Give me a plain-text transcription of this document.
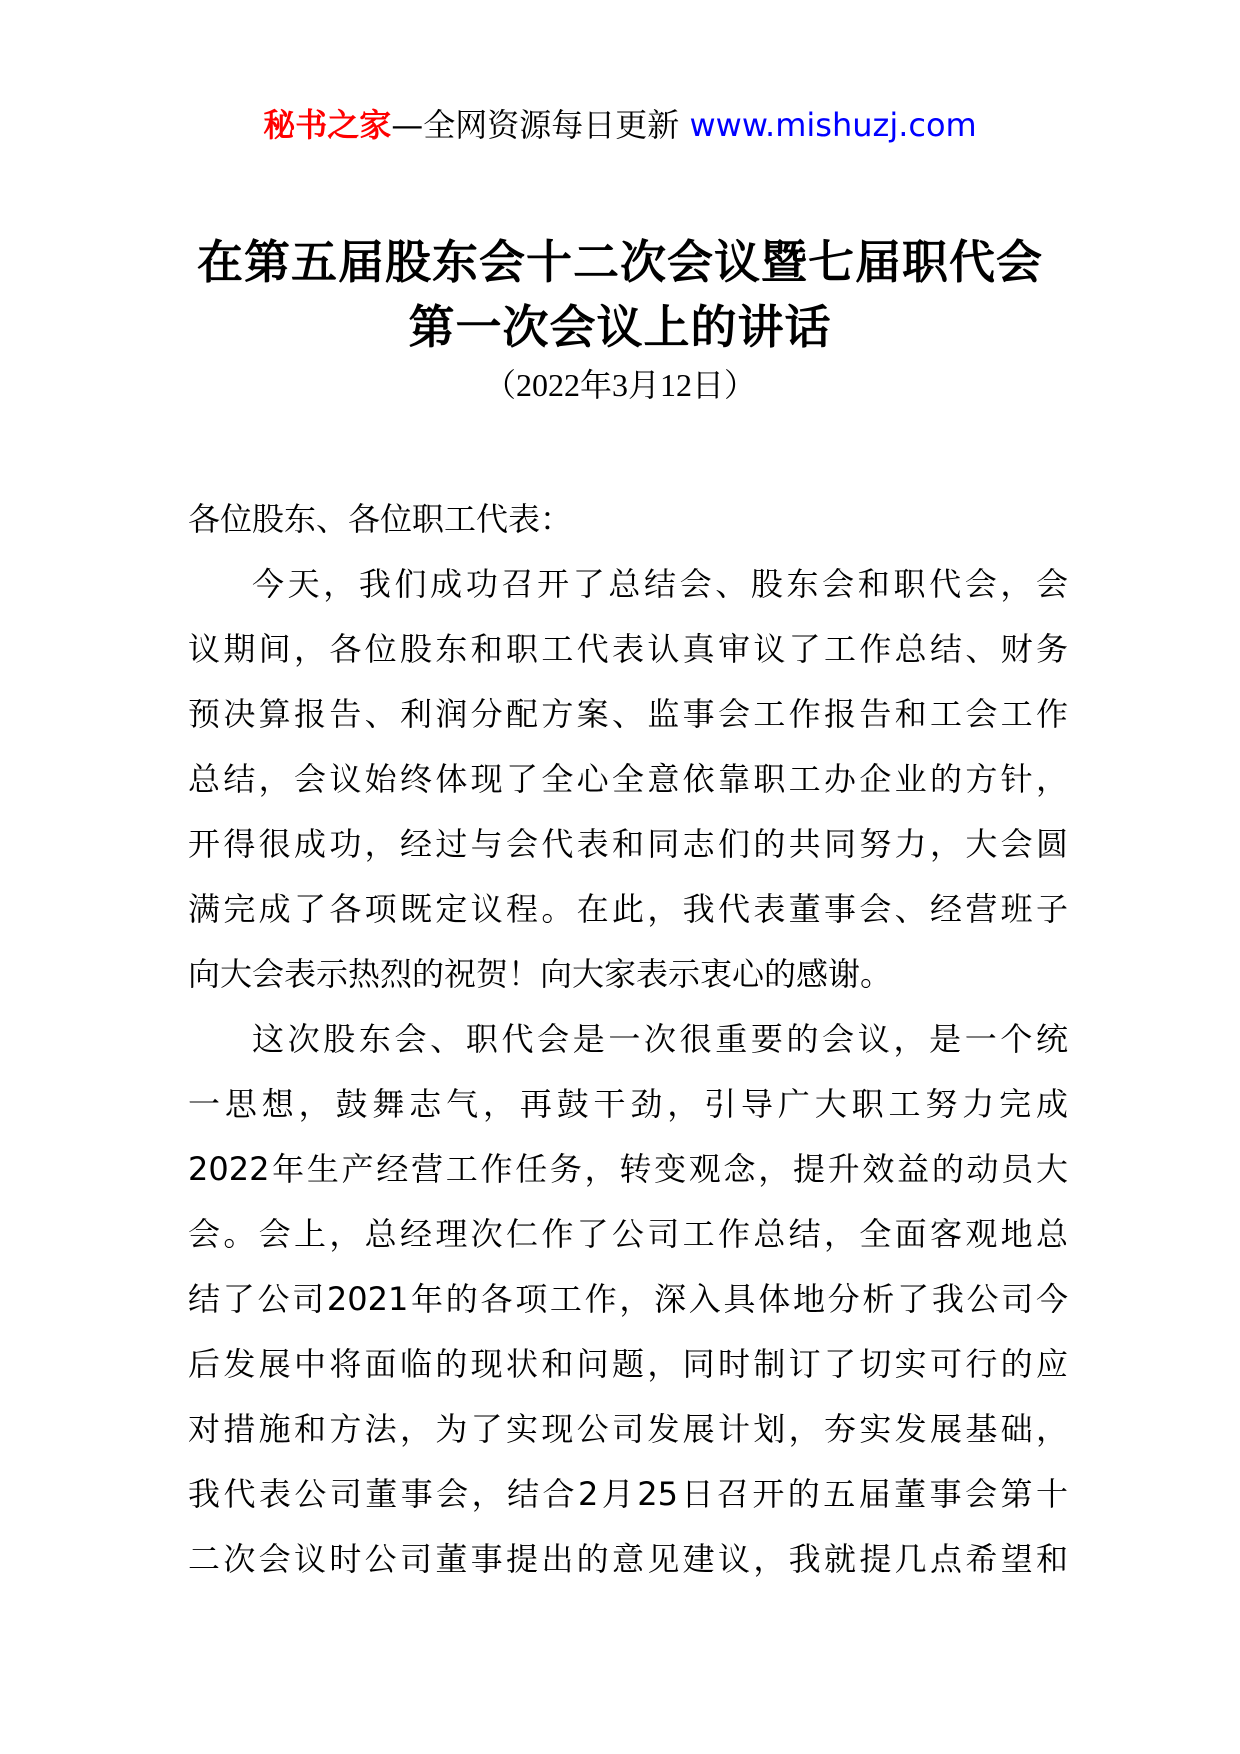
秘书之家—全网资源每日更新 www.mishuzj.com
在第五届股东会十二次会议暨七届职代会
第一次会议上的讲话
（2022年3月12日）
各位股东、各位职工代表：
今天，我们成功召开了总结会、股东会和职代会，会
议期间，各位股东和职工代表认真审议了工作总结、财务
预决算报告、利润分配方案、监事会工作报告和工会工作
总结，会议始终体现了全心全意依靠职工办企业的方针，
开得很成功，经过与会代表和同志们的共同努力，大会圆
满完成了各项既定议程。在此，我代表董事会、经营班子
向大会表示热烈的祝贺！向大家表示衷心的感谢。
这次股东会、职代会是一次很重要的会议，是一个统
一思想，鼓舞志气，再鼓干劲，引导广大职工努力完成
2022年生产经营工作任务，转变观念，提升效益的动员大
会。会上，总经理次仁作了公司工作总结，全面客观地总
结了公司2021年的各项工作，深入具体地分析了我公司今
后发展中将面临的现状和问题，同时制订了切实可行的应
对措施和方法，为了实现公司发展计划，夯实发展基础，
我代表公司董事会，结合2月25日召开的五届董事会第十
二次会议时公司董事提出的意见建议，我就提几点希望和
